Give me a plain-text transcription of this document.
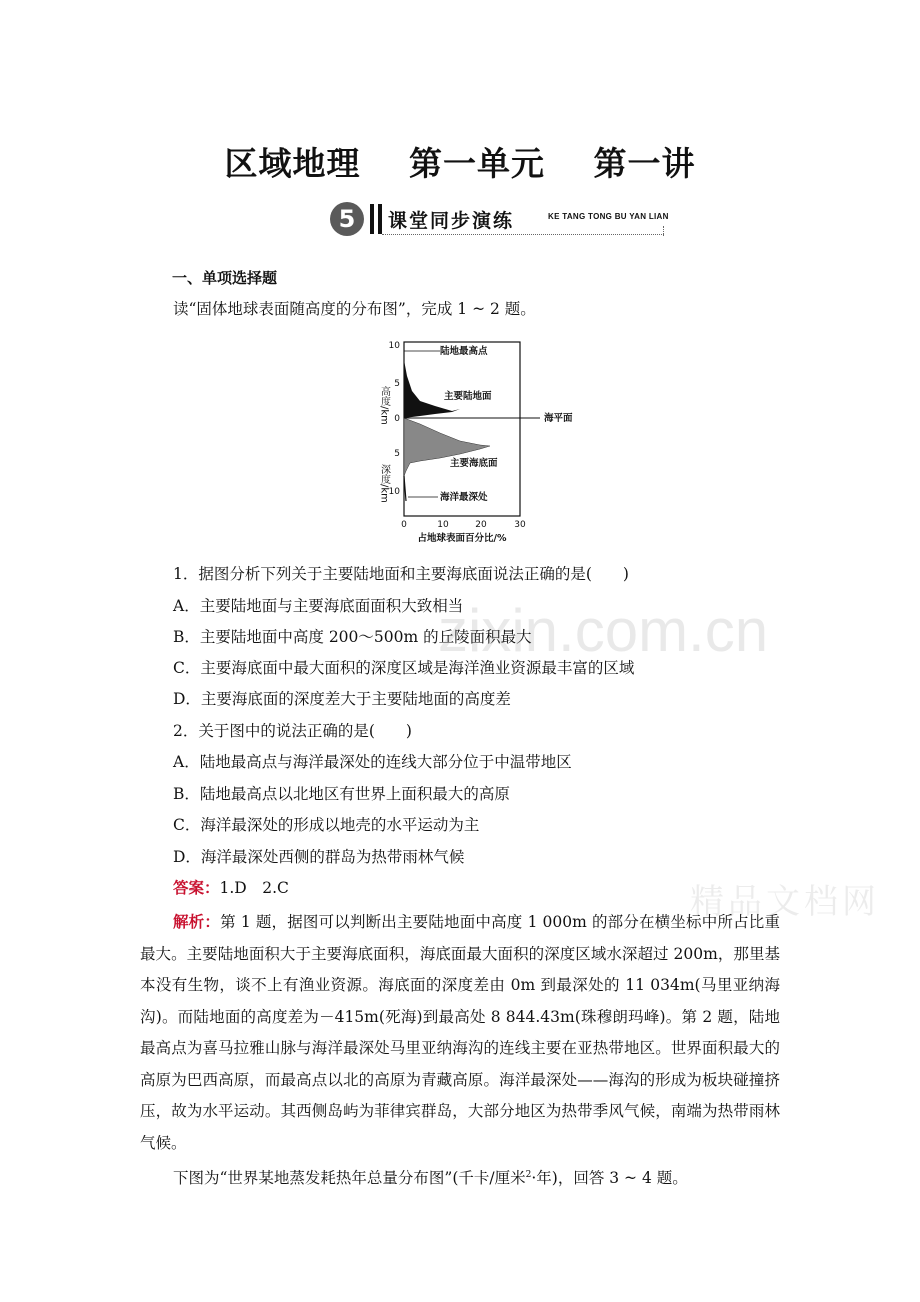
区域地理 第一单元 第一讲
5	课堂同步演练	KE TANG TONG BU YAN LIAN
一、单项选择题
读“固体地球表面随高度的分布图”，完成 1 ~ 2 题。
10
5
0
5
10
0	10	20	30
高度/km
深度/km
占地球表面百分比/%
陆地最高点
主要陆地面
海平面
主要海底面
海洋最深处
1．据图分析下列关于主要陆地面和主要海底面说法正确的是(　　)
A．主要陆地面与主要海底面面积大致相当
B．主要陆地面中高度 200～500m 的丘陵面积最大
C．主要海底面中最大面积的深度区域是海洋渔业资源最丰富的区域
D．主要海底面的深度差大于主要陆地面的高度差
2．关于图中的说法正确的是(　　)
A．陆地最高点与海洋最深处的连线大部分位于中温带地区
B．陆地最高点以北地区有世界上面积最大的高原
C．海洋最深处的形成以地壳的水平运动为主
D．海洋最深处西侧的群岛为热带雨林气候
答案：1.D　2.C
解析：第 1 题，据图可以判断出主要陆地面中高度 1 000m 的部分在横坐标中所占比重最大。主要陆地面积大于主要海底面积，海底面最大面积的深度区域水深超过 200m，那里基本没有生物，谈不上有渔业资源。海底面的深度差由 0m 到最深处的 11 034m(马里亚纳海沟)。而陆地面的高度差为－415m(死海)到最高处 8 844.43m(珠穆朗玛峰)。第 2 题，陆地最高点为喜马拉雅山脉与海洋最深处马里亚纳海沟的连线主要在亚热带地区。世界面积最大的高原为巴西高原，而最高点以北的高原为青藏高原。海洋最深处——海沟的形成为板块碰撞挤压，故为水平运动。其西侧岛屿为菲律宾群岛，大部分地区为热带季风气候，南端为热带雨林气候。
下图为“世界某地蒸发耗热年总量分布图”(千卡/厘米$^2$·年)，回答 3 ~ 4 题。
zixin.com.cn
精品文档网
